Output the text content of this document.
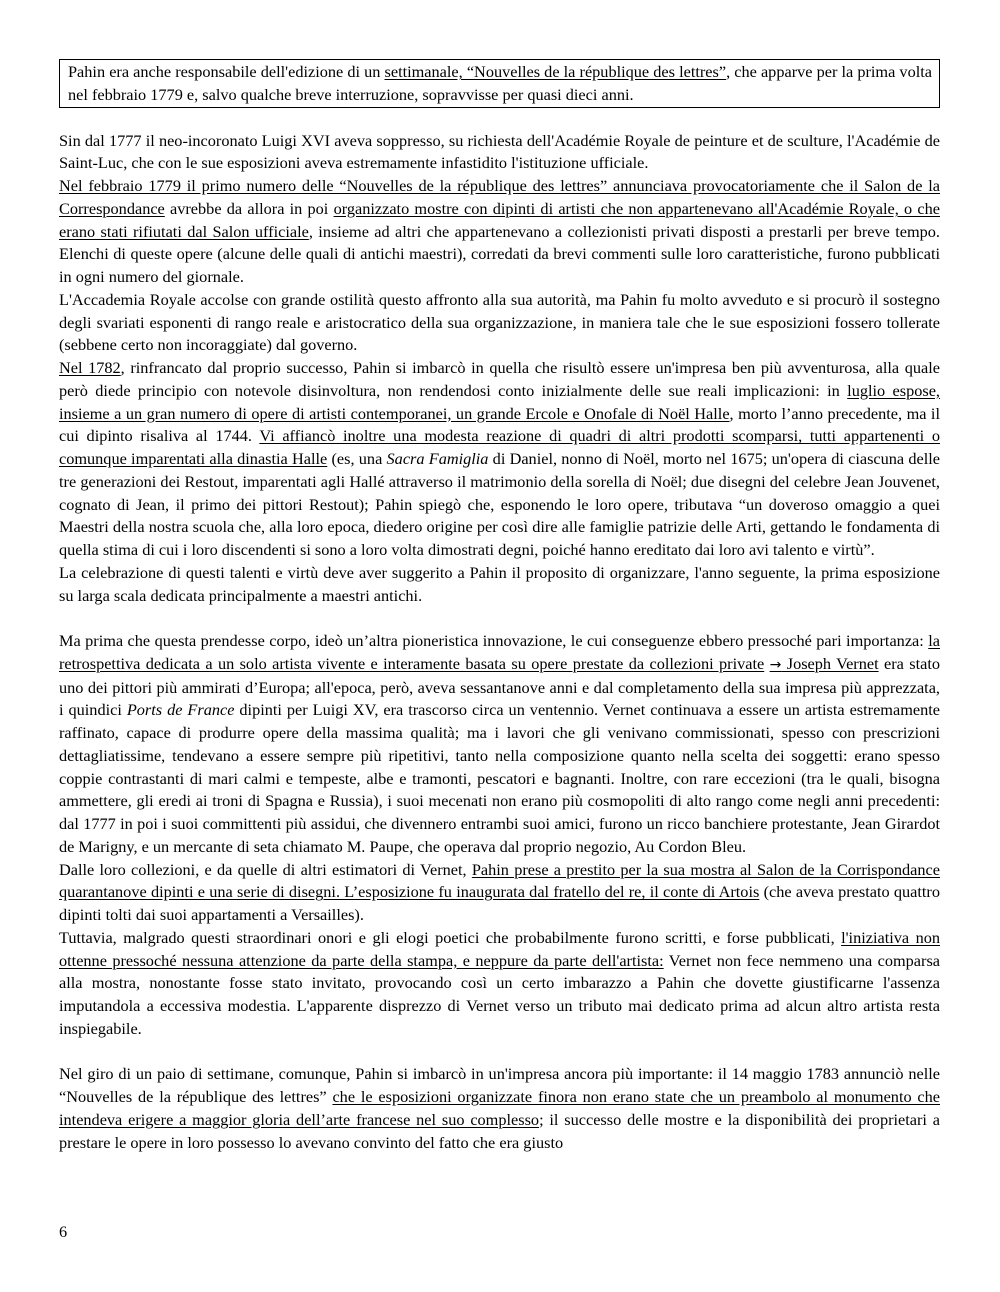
Pahin era anche responsabile dell'edizione di un settimanale, “Nouvelles de la république des lettres”, che apparve per la prima volta nel febbraio 1779 e, salvo qualche breve interruzione, sopravvisse per quasi dieci anni.

Sin dal 1777 il neo-incoronato Luigi XVI aveva soppresso, su richiesta dell'Académie Royale de peinture et de sculture, l'Académie de Saint-Luc, che con le sue esposizioni aveva estremamente infastidito l'istituzione ufficiale.

Nel febbraio 1779 il primo numero delle “Nouvelles de la république des lettres” annunciava provocatoriamente che il Salon de la Correspondance avrebbe da allora in poi organizzato mostre con dipinti di artisti che non appartenevano all'Académie Royale, o che erano stati rifiutati dal Salon ufficiale, insieme ad altri che appartenevano a collezionisti privati disposti a prestarli per breve tempo. Elenchi di queste opere (alcune delle quali di antichi maestri), corredati da brevi commenti sulle loro caratteristiche, furono pubblicati in ogni numero del giornale.

L'Accademia Royale accolse con grande ostilità questo affronto alla sua autorità, ma Pahin fu molto avveduto e si procurò il sostegno degli svariati esponenti di rango reale e aristocratico della sua organizzazione, in maniera tale che le sue esposizioni fossero tollerate (sebbene certo non incoraggiate) dal governo.

Nel 1782, rinfrancato dal proprio successo, Pahin si imbarcò in quella che risultò essere un'impresa ben più avventurosa, alla quale però diede principio con notevole disinvoltura, non rendendosi conto inizialmente delle sue reali implicazioni: in luglio espose, insieme a un gran numero di opere di artisti contemporanei, un grande Ercole e Onofale di Noël Halle, morto l’anno precedente, ma il cui dipinto risaliva al 1744. Vi affiancò inoltre una modesta reazione di quadri di altri prodotti scomparsi, tutti appartenenti o comunque imparentati alla dinastia Halle (es, una Sacra Famiglia di Daniel, nonno di Noël, morto nel 1675; un'opera di ciascuna delle tre generazioni dei Restout, imparentati agli Hallé attraverso il matrimonio della sorella di Noël; due disegni del celebre Jean Jouvenet, cognato di Jean, il primo dei pittori Restout); Pahin spiegò che, esponendo le loro opere, tributava “un doveroso omaggio a quei Maestri della nostra scuola che, alla loro epoca, diedero origine per così dire alle famiglie patrizie delle Arti, gettando le fondamenta di quella stima di cui i loro discendenti si sono a loro volta dimostrati degni, poiché hanno ereditato dai loro avi talento e virtù”.

La celebrazione di questi talenti e virtù deve aver suggerito a Pahin il proposito di organizzare, l'anno seguente, la prima esposizione su larga scala dedicata principalmente a maestri antichi.

Ma prima che questa prendesse corpo, ideò un’altra pioneristica innovazione, le cui conseguenze ebbero pressoché pari importanza: la retrospettiva dedicata a un solo artista vivente e interamente basata su opere prestate da collezioni private → Joseph Vernet era stato uno dei pittori più ammirati d’Europa; all'epoca, però, aveva sessantanove anni e dal completamento della sua impresa più apprezzata, i quindici Ports de France dipinti per Luigi XV, era trascorso circa un ventennio. Vernet continuava a essere un artista estremamente raffinato, capace di produrre opere della massima qualità; ma i lavori che gli venivano commissionati, spesso con prescrizioni dettagliatissime, tendevano a essere sempre più ripetitivi, tanto nella composizione quanto nella scelta dei soggetti: erano spesso coppie contrastanti di mari calmi e tempeste, albe e tramonti, pescatori e bagnanti. Inoltre, con rare eccezioni (tra le quali, bisogna ammettere, gli eredi ai troni di Spagna e Russia), i suoi mecenati non erano più cosmopoliti di alto rango come negli anni precedenti: dal 1777 in poi i suoi committenti più assidui, che divennero entrambi suoi amici, furono un ricco banchiere protestante, Jean Girardot de Marigny, e un mercante di seta chiamato M. Paupe, che operava dal proprio negozio, Au Cordon Bleu.

Dalle loro collezioni, e da quelle di altri estimatori di Vernet, Pahin prese a prestito per la sua mostra al Salon de la Corrispondance quarantanove dipinti e una serie di disegni. L’esposizione fu inaugurata dal fratello del re, il conte di Artois (che aveva prestato quattro dipinti tolti dai suoi appartamenti a Versailles).

Tuttavia, malgrado questi straordinari onori e gli elogi poetici che probabilmente furono scritti, e forse pubblicati, l'iniziativa non ottenne pressoché nessuna attenzione da parte della stampa, e neppure da parte dell'artista: Vernet non fece nemmeno una comparsa alla mostra, nonostante fosse stato invitato, provocando così un certo imbarazzo a Pahin che dovette giustificarne l'assenza imputandola a eccessiva modestia. L'apparente disprezzo di Vernet verso un tributo mai dedicato prima ad alcun altro artista resta inspiegabile.

Nel giro di un paio di settimane, comunque, Pahin si imbarcò in un'impresa ancora più importante: il 14 maggio 1783 annunciò nelle “Nouvelles de la république des lettres” che le esposizioni organizzate finora non erano state che un preambolo al monumento che intendeva erigere a maggior gloria dell’arte francese nel suo complesso; il successo delle mostre e la disponibilità dei proprietari a prestare le opere in loro possesso lo avevano convinto del fatto che era giusto

6
